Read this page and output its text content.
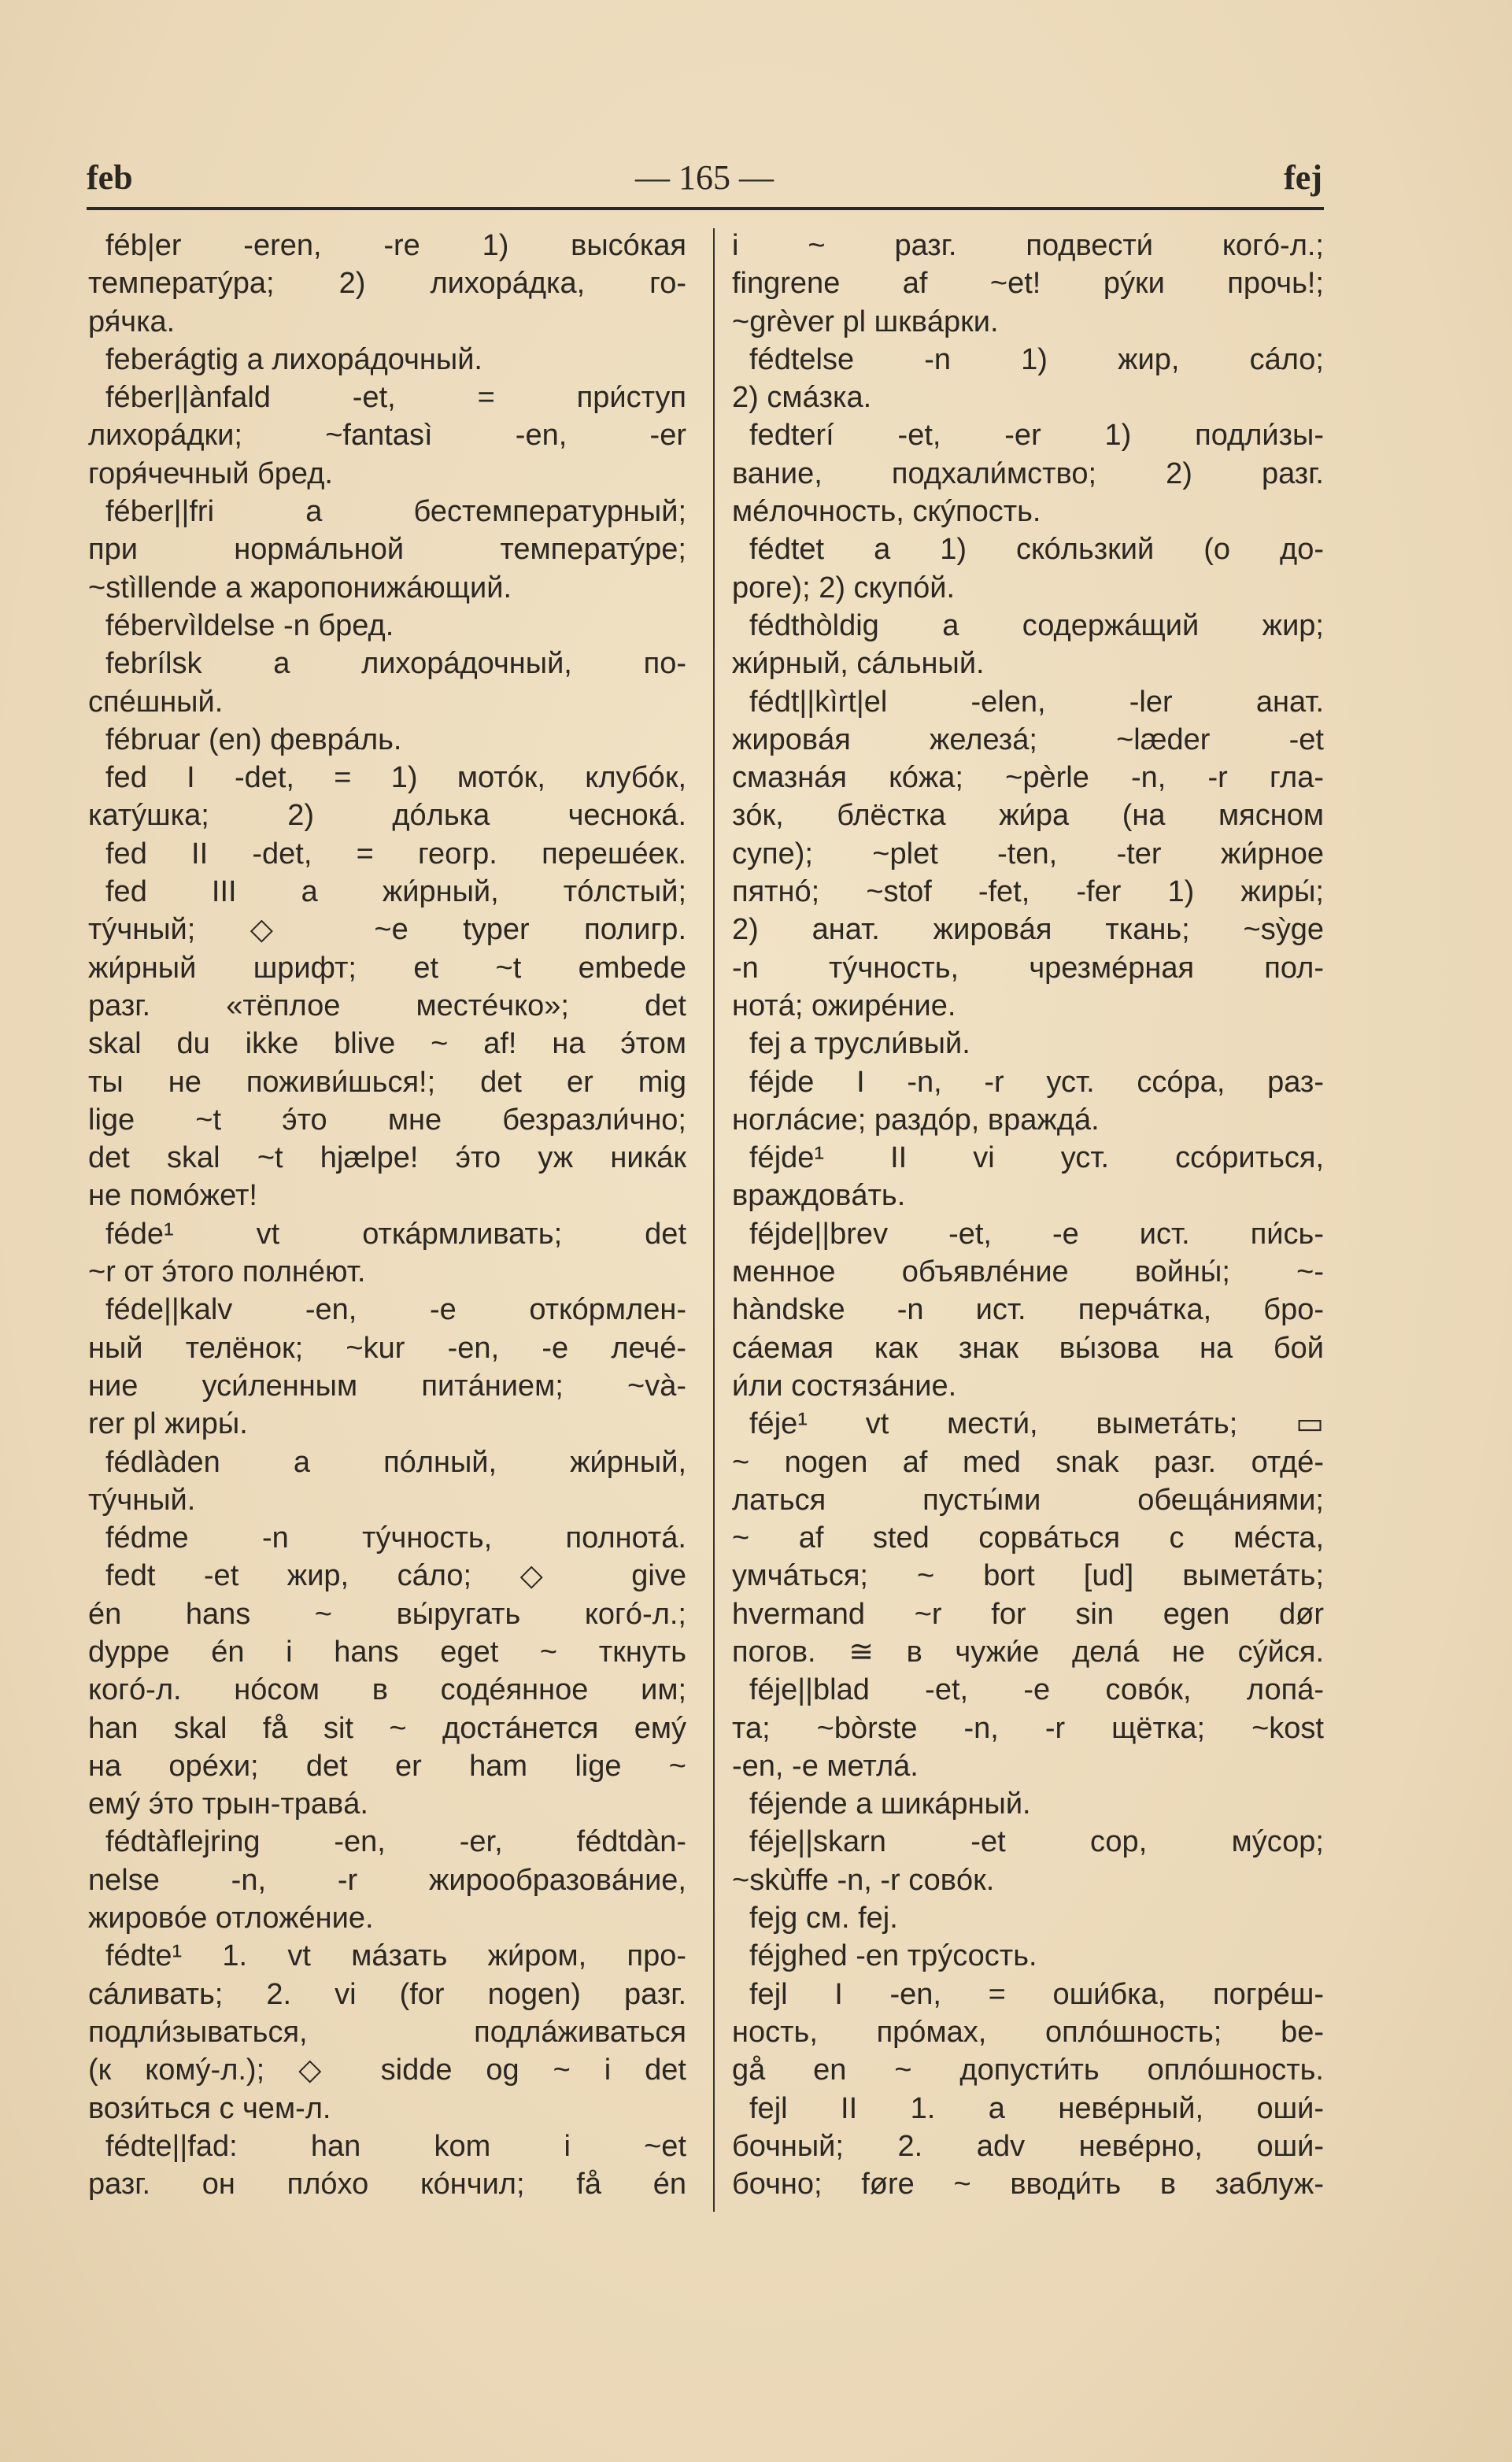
feb	— 165 —	fej
féb|er -eren, -re 1) высóкая
температýра; 2) лихорáдка, го-
ря́чка.
feberágtig a лихорáдочный.
féber||ànfald -et, = при́ступ
лихорáдки; ~fantasì -en, -er
горя́чечный бред.
féber||fri a бестемпературный;
при нормáльной температýре;
~stìllende a жаропонижáющий.
fébervìldelse -n бред.
febrílsk a лихорáдочный, по-
спéшный.
fébruar (en) феврáль.
fed I -det, = 1) мотóк, клубóк,
катýшка; 2) дóлька чеснокá.
fed II -det, = геогр. перешéек.
fed III a жи́рный, тóлстый;
тýчный; ◇ ~e typer полигр.
жи́рный шрифт; et ~t embede
разг. «тёплое местéчко»; det
skal du ikke blive ~ af! на э́том
ты не поживи́шься!; det er mig
lige ~t э́то мне безразли́чно;
det skal ~t hjælpe! э́то уж никáк
не помóжет!
féde¹ vt откáрмливать; det
~r от э́того полнéют.
féde||kalv -en, -e откóрмлен-
ный телёнок; ~kur -en, -e лечé-
ние уси́ленным питáнием; ~và-
rer pl жиры́.
fédlàden a пóлный, жи́рный,
тýчный.
fédme -n тýчность, полнотá.
fedt -et жир, сáло; ◇ give
én hans ~ вы́ругать когó-л.;
dyppe én i hans eget ~ ткнуть
когó-л. нóсом в содéянное им;
han skal få sit ~ достáнется емý
на орéхи; det er ham lige ~
емý э́то трын-травá.
fédtàflejring -en, -er, fédtdàn-
nelse -n, -r жирообразовáние,
жировóе отложéние.
fédte¹ 1. vt мáзать жи́ром, про-
сáливать; 2. vi (for nogen) разг.
подли́зываться, подлáживаться
(к комý-л.); ◇ sidde og ~ i det
вози́ться с чем-л.
fédte||fad: han kom i ~et
разг. он плóхо кóнчил; få én
i ~ разг. подвести́ когó-л.;
fingrene af ~et! рýки прочь!;
~grèver pl шквáрки.
fédtelse -n 1) жир, сáло;
2) смáзка.
fedterí -et, -er 1) подли́зы-
вание, подхали́мство; 2) разг.
мéлочность, скýпость.
fédtet a 1) скóльзкий (о до-
роге); 2) скупóй.
fédthòldig a содержáщий жир;
жи́рный, сáльный.
fédt||kìrt|el -elen, -ler анат.
жировáя железá; ~læder -et
смазнáя кóжа; ~pèrle -n, -r глa-
зóк, блёстка жи́ра (на мясном
супе); ~plet -ten, -ter жи́рное
пятнó; ~stof -fet, -fer 1) жиры́;
2) анат. жировáя ткань; ~sỳge
-n тýчность, чрезмéрная пол-
нотá; ожирéние.
fej a трусли́вый.
féjde I -n, -r уст. ссóра, раз-
ноглáсие; раздóр, враждá.
féjde¹ II vi уст. ссóриться,
враждовáть.
féjde||brev -et, -e ист. пи́сь-
менное объявлéние войны́; ~-
hàndske -n ист. перчáтка, бро-
сáемая как знак вы́зова на бой
и́ли состязáние.
féje¹ vt мести́, выметáть; ▭
~ nogen af med snak разг. отдé-
латься пусты́ми обещáниями;
~ af sted сорвáться с мéста,
умчáться; ~ bort [ud] выметáть;
hvermand ~r for sin egen dør
погов. ≅ в чужи́е делá не сýйся.
féje||blad -et, -e совóк, лопá-
та; ~bòrste -n, -r щётка; ~kost
-en, -e метлá.
féjende a шикáрный.
féje||skarn -et сор, мýсор;
~skùffe -n, -r совóк.
fejg см. fej.
féjghed -en трýсость.
fejl I -en, = оши́бка, погрéш-
ность, прóмах, оплóшность; be-
gå en ~ допусти́ть оплóшность.
fejl II 1. a невéрный, оши́-
бочный; 2. adv невéрно, оши́-
бочно; føre ~ вводи́ть в заблуж-
